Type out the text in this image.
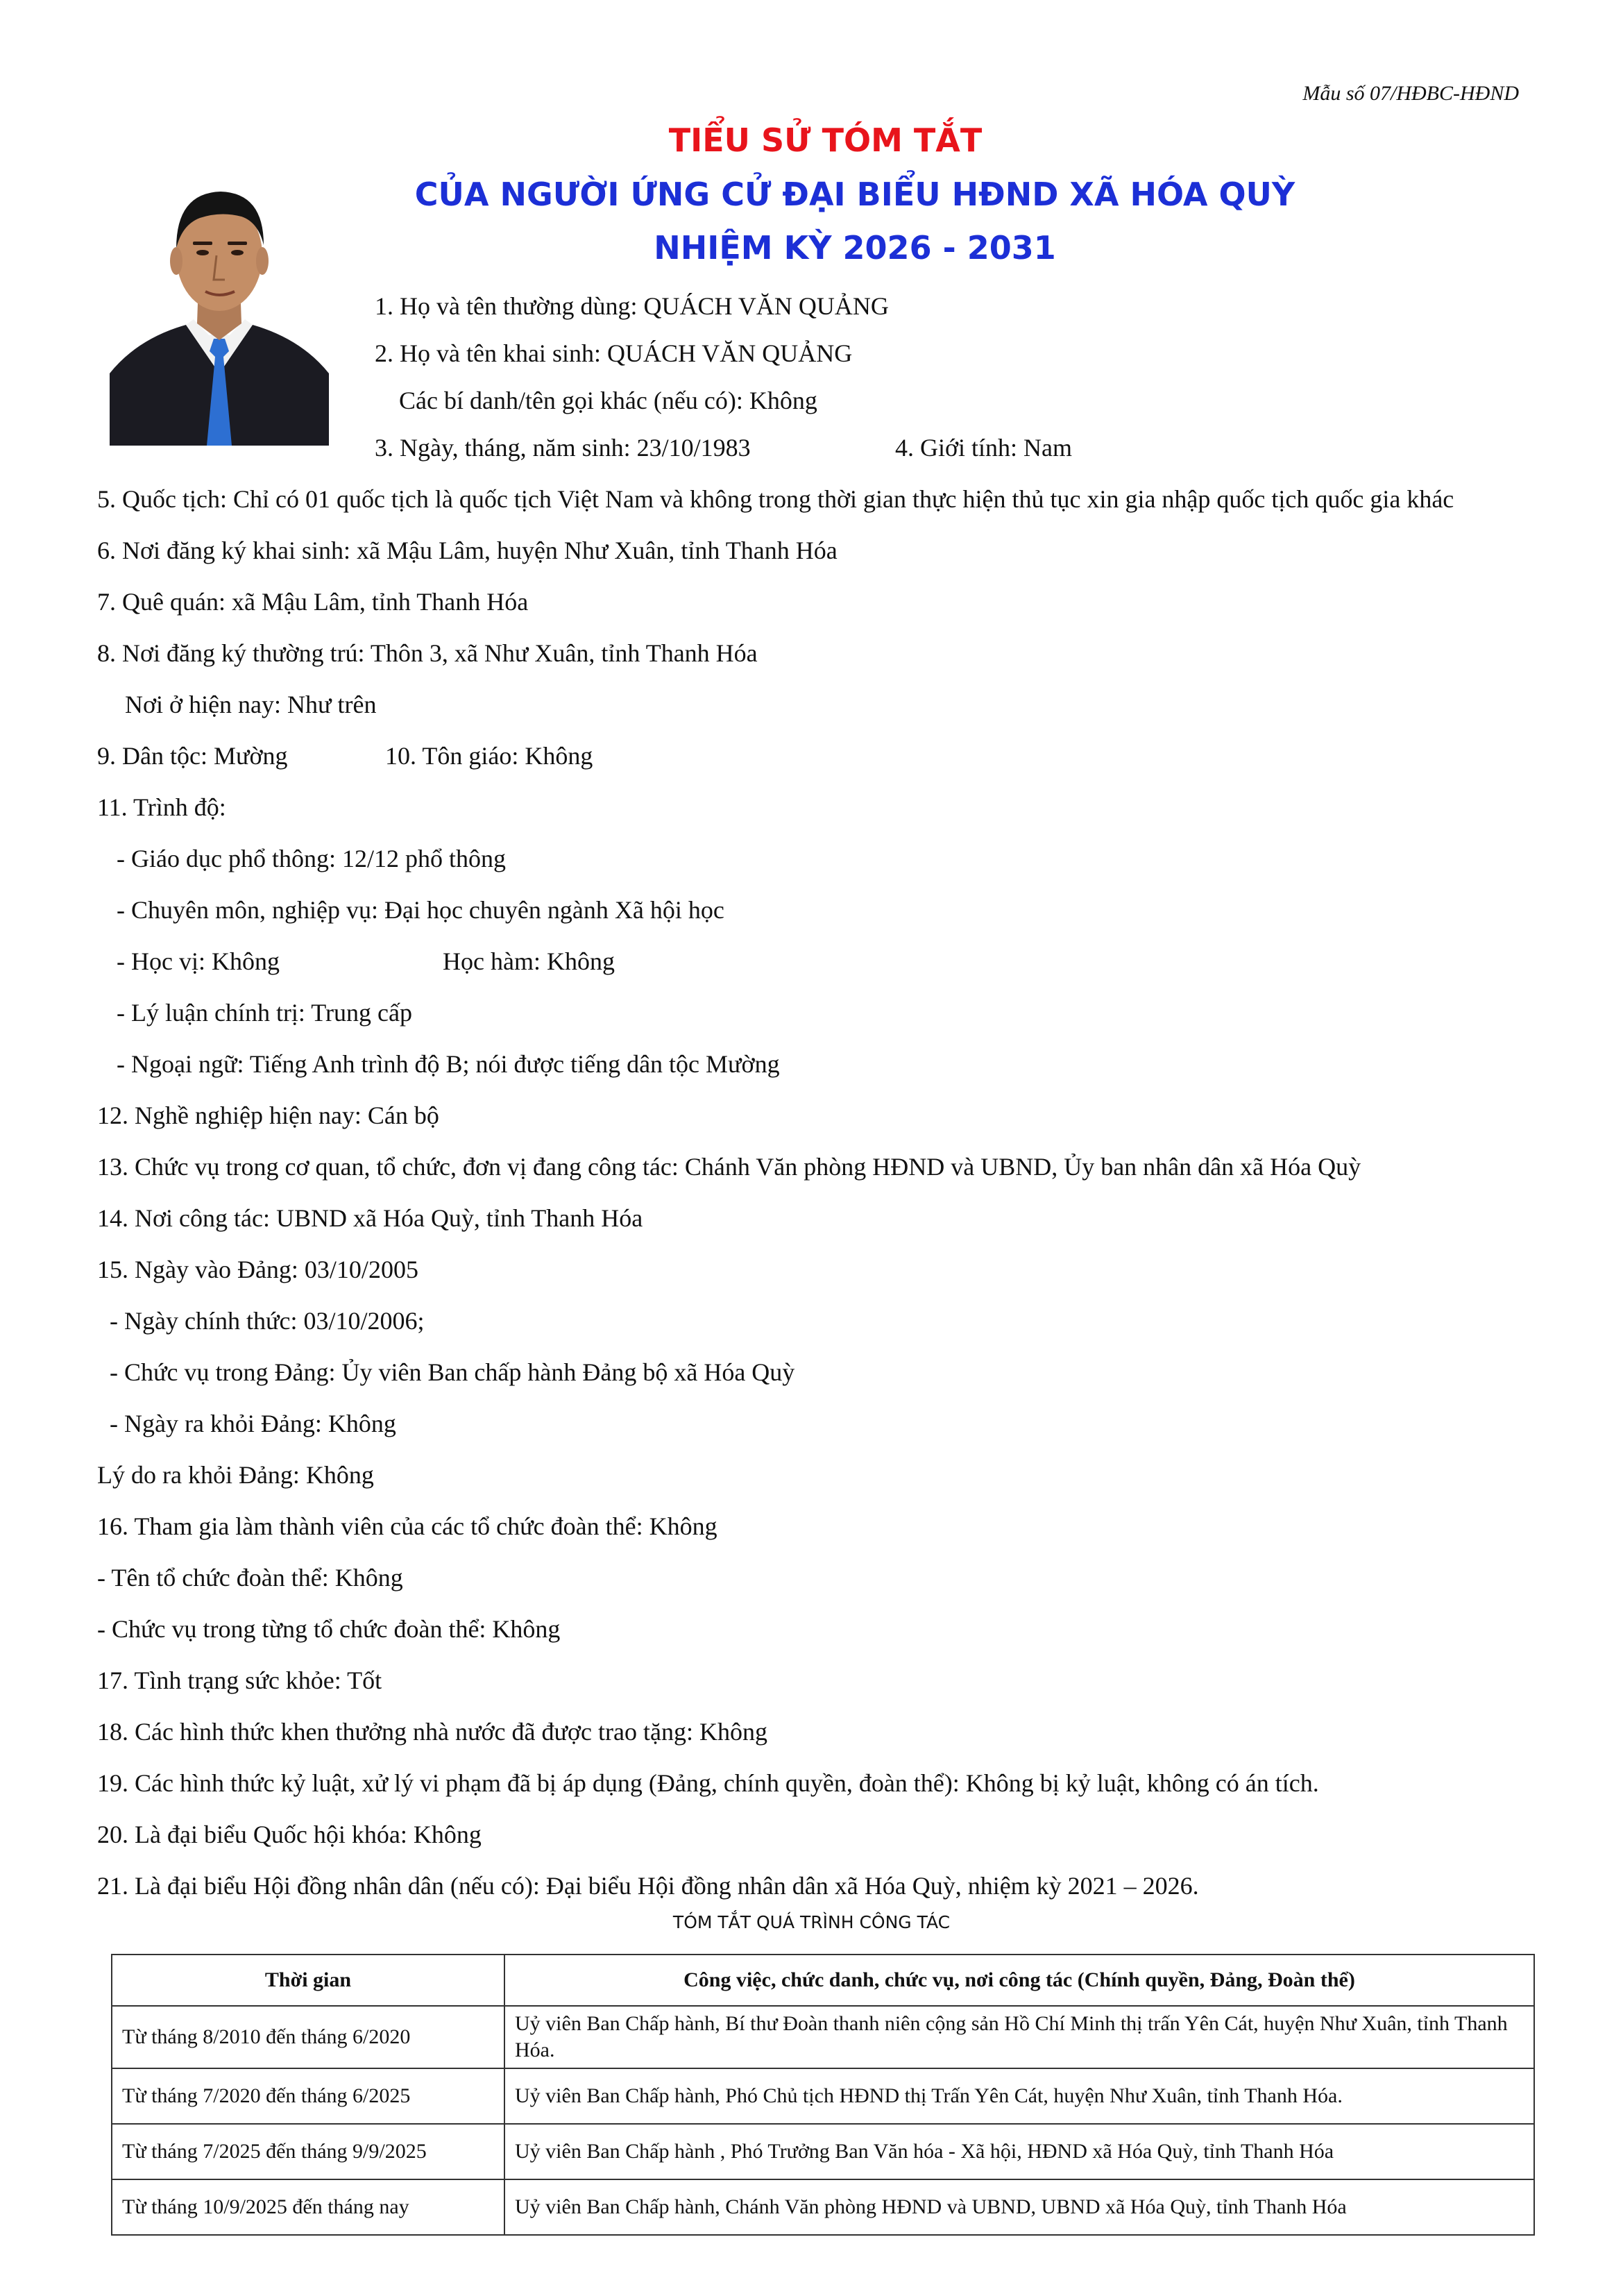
Mẫu số 07/HĐBC-HĐND
TIỂU SỬ TÓM TẮT
CỦA NGƯỜI ỨNG CỬ ĐẠI BIỂU HĐND XÃ HÓA QUỲ
NHIỆM KỲ 2026 - 2031
1. Họ và tên thường dùng: QUÁCH VĂN QUẢNG
2. Họ và tên khai sinh: QUÁCH VĂN QUẢNG
Các bí danh/tên gọi khác (nếu có): Không
3. Ngày, tháng, năm sinh: 23/10/1983	4. Giới tính: Nam
5. Quốc tịch: Chỉ có 01 quốc tịch là quốc tịch Việt Nam và không trong thời gian thực hiện thủ tục xin gia nhập quốc tịch quốc gia khác
6. Nơi đăng ký khai sinh: xã Mậu Lâm, huyện Như Xuân, tỉnh Thanh Hóa
7. Quê quán: xã Mậu Lâm, tỉnh Thanh Hóa
8. Nơi đăng ký thường trú: Thôn 3, xã Như Xuân, tỉnh Thanh Hóa
Nơi ở hiện nay: Như trên
9. Dân tộc: Mường	10. Tôn giáo: Không
11. Trình độ:
- Giáo dục phổ thông: 12/12 phổ thông
- Chuyên môn, nghiệp vụ: Đại học chuyên ngành Xã hội học
- Học vị: Không	Học hàm: Không
- Lý luận chính trị: Trung cấp
- Ngoại ngữ: Tiếng Anh trình độ B; nói được tiếng dân tộc Mường
12. Nghề nghiệp hiện nay: Cán bộ
13. Chức vụ trong cơ quan, tổ chức, đơn vị đang công tác: Chánh Văn phòng HĐND và UBND, Ủy ban nhân dân xã Hóa Quỳ
14. Nơi công tác: UBND xã Hóa Quỳ, tỉnh Thanh Hóa
15. Ngày vào Đảng: 03/10/2005
- Ngày chính thức: 03/10/2006;
- Chức vụ trong Đảng: Ủy viên Ban chấp hành Đảng bộ xã Hóa Quỳ
- Ngày ra khỏi Đảng: Không
Lý do ra khỏi Đảng: Không
16. Tham gia làm thành viên của các tổ chức đoàn thể: Không
- Tên tổ chức đoàn thể: Không
- Chức vụ trong từng tổ chức đoàn thể: Không
17. Tình trạng sức khỏe: Tốt
18. Các hình thức khen thưởng nhà nước đã được trao tặng: Không
19. Các hình thức kỷ luật, xử lý vi phạm đã bị áp dụng (Đảng, chính quyền, đoàn thể): Không bị kỷ luật, không có án tích.
20. Là đại biểu Quốc hội khóa: Không
21. Là đại biểu Hội đồng nhân dân (nếu có): Đại biểu Hội đồng nhân dân xã Hóa Quỳ, nhiệm kỳ 2021 – 2026.
TÓM TẮT QUÁ TRÌNH CÔNG TÁC
Thời gian	Công việc, chức danh, chức vụ, nơi công tác (Chính quyền, Đảng, Đoàn thể)
Từ tháng 8/2010 đến tháng 6/2020	Uỷ viên Ban Chấp hành, Bí thư Đoàn thanh niên cộng sản Hồ Chí Minh thị trấn Yên Cát, huyện Như Xuân, tỉnh Thanh Hóa.
Từ tháng 7/2020 đến tháng 6/2025	Uỷ viên Ban Chấp hành, Phó Chủ tịch HĐND thị Trấn Yên Cát, huyện Như Xuân, tỉnh Thanh Hóa.
Từ tháng 7/2025 đến tháng 9/9/2025	Uỷ viên Ban Chấp hành , Phó Trưởng Ban Văn hóa - Xã hội, HĐND xã Hóa Quỳ, tỉnh Thanh Hóa
Từ tháng 10/9/2025 đến tháng nay	Uỷ viên Ban Chấp hành, Chánh Văn phòng HĐND và UBND, UBND xã Hóa Quỳ, tỉnh Thanh Hóa
